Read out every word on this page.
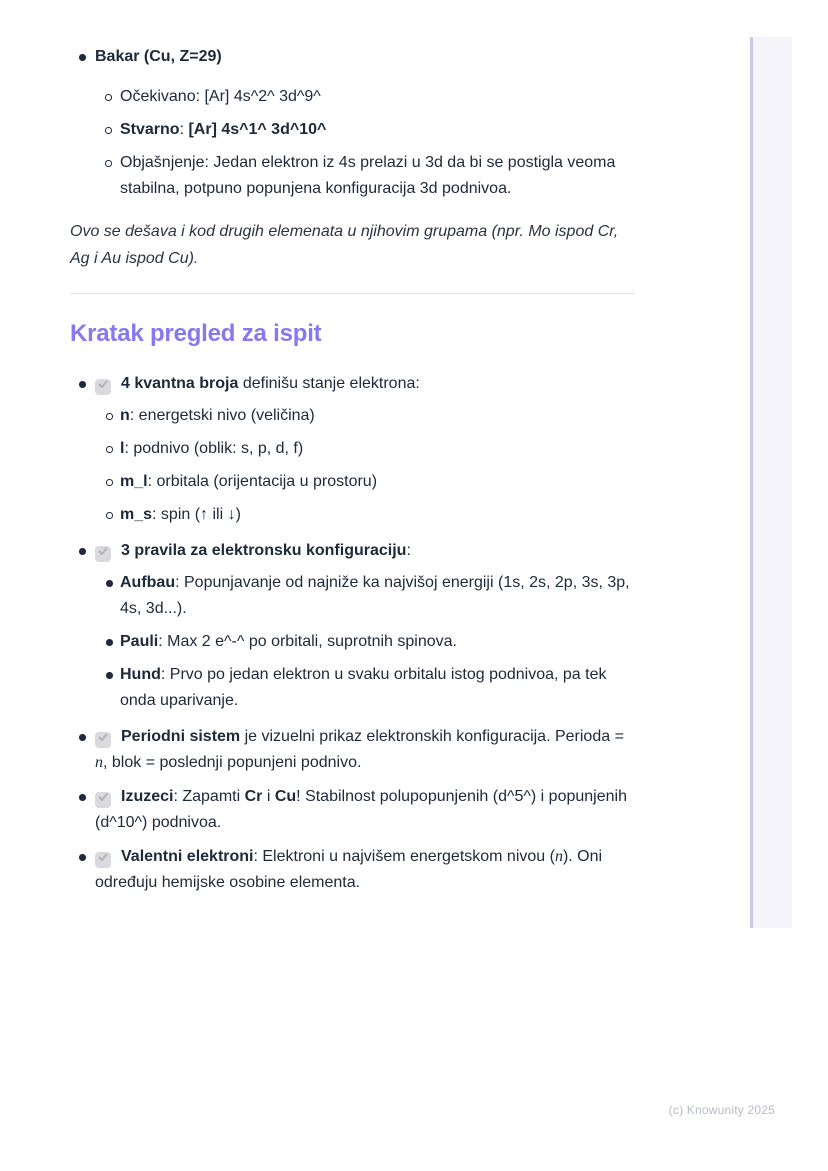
Bakar (Cu, Z=29)
Očekivano: [Ar] 4s^2^ 3d^9^
Stvarno: [Ar] 4s^1^ 3d^10^
Objašnjenje: Jedan elektron iz 4s prelazi u 3d da bi se postigla veoma stabilna, potpuno popunjena konfiguracija 3d podnivoa.

Ovo se dešava i kod drugih elemenata u njihovim grupama (npr. Mo ispod Cr, Ag i Au ispod Cu).

Kratak pregled za ispit
4 kvantna broja definišu stanje elektrona:
n: energetski nivo (veličina)
l: podnivo (oblik: s, p, d, f)
m_l: orbitala (orijentacija u prostoru)
m_s: spin (↑ ili ↓)
3 pravila za elektronsku konfiguraciju:
Aufbau: Popunjavanje od najniže ka najvišoj energiji (1s, 2s, 2p, 3s, 3p, 4s, 3d...).
Pauli: Max 2 e^-^ po orbitali, suprotnih spinova.
Hund: Prvo po jedan elektron u svaku orbitalu istog podnivoa, pa tek onda uparivanje.
Periodni sistem je vizuelni prikaz elektronskih konfiguracija. Perioda = n, blok = poslednji popunjeni podnivo.
Izuzeci: Zapamti Cr i Cu! Stabilnost polupopunjenih (d^5^) i popunjenih (d^10^) podnivoa.
Valentni elektroni: Elektroni u najvišem energetskom nivou (n). Oni određuju hemijske osobine elementa.
(c) Knowunity 2025
